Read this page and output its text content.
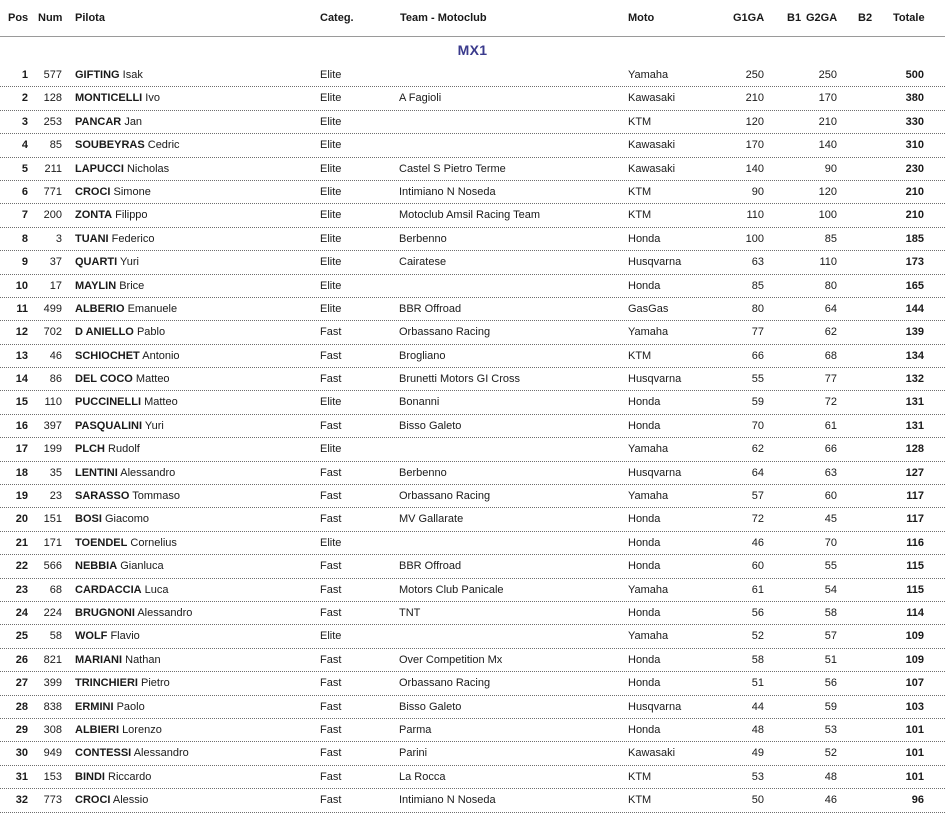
Pos Num Pilota	Categ.	Team - Motoclub	Moto	G1GA B1 G2GA B2 Totale
MX1
1	577 GIFTING Isak	Elite	Yamaha	250	250	500
2	128 MONTICELLI Ivo	Elite	A Fagioli	Kawasaki	210	170	380
3	253 PANCAR Jan	Elite	KTM	120	210	330
4	85 SOUBEYRAS Cedric	Elite	Kawasaki	170	140	310
5	211 LAPUCCI Nicholas	Elite	Castel S Pietro Terme	Kawasaki	140	90	230
6	771 CROCI Simone	Elite	Intimiano N Noseda	KTM	90	120	210
7	200 ZONTA Filippo	Elite	Motoclub Amsil Racing Team	KTM	110	100	210
8	3 TUANI Federico	Elite	Berbenno	Honda	100	85	185
9	37 QUARTI Yuri	Elite	Cairatese	Husqvarna	63	110	173
10	17 MAYLIN Brice	Elite	Honda	85	80	165
11	499 ALBERIO Emanuele	Elite	BBR Offroad	GasGas	80	64	144
12	702 D ANIELLO Pablo	Fast	Orbassano Racing	Yamaha	77	62	139
13	46 SCHIOCHET Antonio	Fast	Brogliano	KTM	66	68	134
14	86 DEL COCO Matteo	Fast	Brunetti Motors GI Cross	Husqvarna	55	77	132
15	110 PUCCINELLI Matteo	Elite	Bonanni	Honda	59	72	131
16	397 PASQUALINI Yuri	Fast	Bisso Galeto	Honda	70	61	131
17	199 PLCH Rudolf	Elite	Yamaha	62	66	128
18	35 LENTINI Alessandro	Fast	Berbenno	Husqvarna	64	63	127
19	23 SARASSO Tommaso	Fast	Orbassano Racing	Yamaha	57	60	117
20	151 BOSI Giacomo	Fast	MV Gallarate	Honda	72	45	117
21	171 TOENDEL Cornelius	Elite	Honda	46	70	116
22	566 NEBBIA Gianluca	Fast	BBR Offroad	Honda	60	55	115
23	68 CARDACCIA Luca	Fast	Motors Club Panicale	Yamaha	61	54	115
24	224 BRUGNONI Alessandro	Fast	TNT	Honda	56	58	114
25	58 WOLF Flavio	Elite	Yamaha	52	57	109
26	821 MARIANI Nathan	Fast	Over Competition Mx	Honda	58	51	109
27	399 TRINCHIERI Pietro	Fast	Orbassano Racing	Honda	51	56	107
28	838 ERMINI Paolo	Fast	Bisso Galeto	Husqvarna	44	59	103
29	308 ALBIERI Lorenzo	Fast	Parma	Honda	48	53	101
30	949 CONTESSI Alessandro	Fast	Parini	Kawasaki	49	52	101
31	153 BINDI Riccardo	Fast	La Rocca	KTM	53	48	101
32	773 CROCI Alessio	Fast	Intimiano N Noseda	KTM	50	46	96
